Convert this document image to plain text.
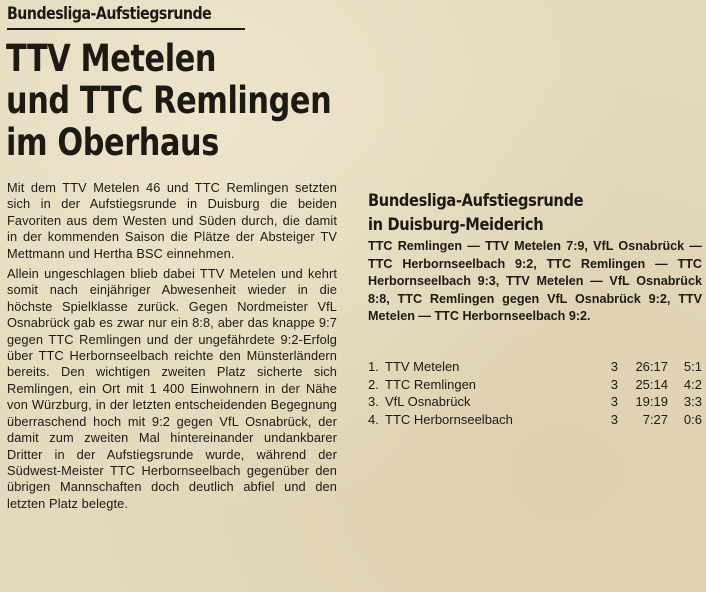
Bundesliga-Aufstiegsrunde
TTV Metelen
und TTC Remlingen
im Oberhaus

Mit dem TTV Metelen 46 und TTC Remlingen setzten sich in der Aufstiegsrunde in Duisburg die beiden Favoriten aus dem Westen und Süden durch, die damit in der kommenden Saison die Plätze der Absteiger TV Mettmann und Hertha BSC einnehmen.

Allein ungeschlagen blieb dabei TTV Metelen und kehrt somit nach einjähriger Abwesenheit wieder in die höchste Spielklasse zurück. Gegen Nordmeister VfL Osnabrück gab es zwar nur ein 8:8, aber das knappe 9:7 gegen TTC Remlingen und der ungefährdete 9:2-Erfolg über TTC Herbornseelbach reichte den Münsterländern bereits. Den wichtigen zweiten Platz sicherte sich Remlingen, ein Ort mit 1 400 Einwohnern in der Nähe von Würzburg, in der letzten entscheidenden Begegnung überraschend hoch mit 9:2 gegen VfL Osnabrück, der damit zum zweiten Mal hintereinander undankbarer Dritter in der Aufstiegsrunde wurde, während der Südwest-Meister TTC Herbornseelbach gegenüber den übrigen Mannschaften doch deutlich abfiel und den letzten Platz belegte.

Bundesliga-Aufstiegsrunde
in Duisburg-Meiderich
TTC Remlingen — TTV Metelen 7:9, VfL Osnabrück — TTC Herbornseelbach 9:2, TTC Remlingen — TTC Herbornseelbach 9:3, TTV Metelen — VfL Osnabrück 8:8, TTC Remlingen gegen VfL Osnabrück 9:2, TTV Metelen — TTC Herbornseelbach 9:2.
1. TTV Metelen	3	26:17	5:1
2. TTC Remlingen	3	25:14	4:2
3. VfL Osnabrück	3	19:19	3:3
4. TTC Herbornseelbach	3	7:27	0:6
